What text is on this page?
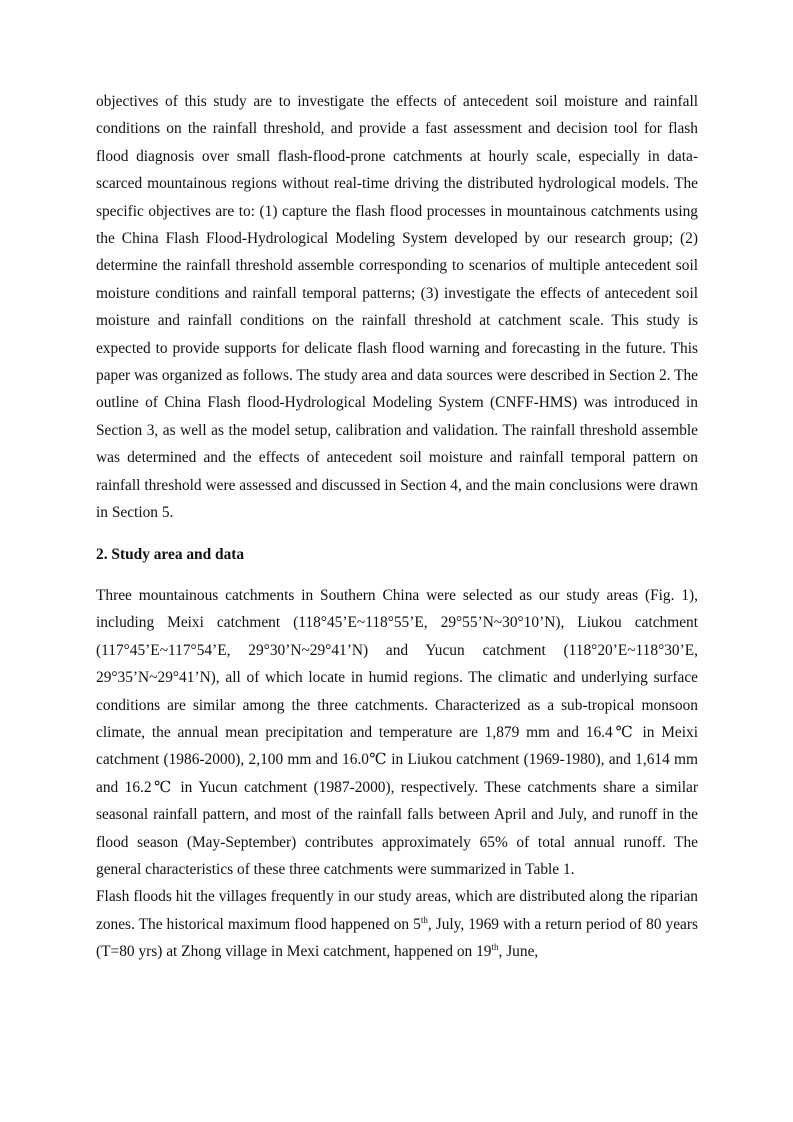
objectives of this study are to investigate the effects of antecedent soil moisture and rainfall conditions on the rainfall threshold, and provide a fast assessment and decision tool for flash flood diagnosis over small flash-flood-prone catchments at hourly scale, especially in data-scarced mountainous regions without real-time driving the distributed hydrological models. The specific objectives are to: (1) capture the flash flood processes in mountainous catchments using the China Flash Flood-Hydrological Modeling System developed by our research group; (2) determine the rainfall threshold assemble corresponding to scenarios of multiple antecedent soil moisture conditions and rainfall temporal patterns; (3) investigate the effects of antecedent soil moisture and rainfall conditions on the rainfall threshold at catchment scale. This study is expected to provide supports for delicate flash flood warning and forecasting in the future. This paper was organized as follows. The study area and data sources were described in Section 2. The outline of China Flash flood-Hydrological Modeling System (CNFF-HMS) was introduced in Section 3, as well as the model setup, calibration and validation. The rainfall threshold assemble was determined and the effects of antecedent soil moisture and rainfall temporal pattern on rainfall threshold were assessed and discussed in Section 4, and the main conclusions were drawn in Section 5.

2. Study area and data

Three mountainous catchments in Southern China were selected as our study areas (Fig. 1), including Meixi catchment (118°45’E~118°55’E, 29°55’N~30°10’N), Liukou catchment (117°45’E~117°54’E, 29°30’N~29°41’N) and Yucun catchment (118°20’E~118°30’E, 29°35’N~29°41’N), all of which locate in humid regions. The climatic and underlying surface conditions are similar among the three catchments. Characterized as a sub-tropical monsoon climate, the annual mean precipitation and temperature are 1,879 mm and 16.4℃ in Meixi catchment (1986-2000), 2,100 mm and 16.0℃ in Liukou catchment (1969-1980), and 1,614 mm and 16.2℃ in Yucun catchment (1987-2000), respectively. These catchments share a similar seasonal rainfall pattern, and most of the rainfall falls between April and July, and runoff in the flood season (May-September) contributes approximately 65% of total annual runoff. The general characteristics of these three catchments were summarized in Table 1.

Flash floods hit the villages frequently in our study areas, which are distributed along the riparian zones. The historical maximum flood happened on 5th, July, 1969 with a return period of 80 years (T=80 yrs) at Zhong village in Mexi catchment, happened on 19th, June,
